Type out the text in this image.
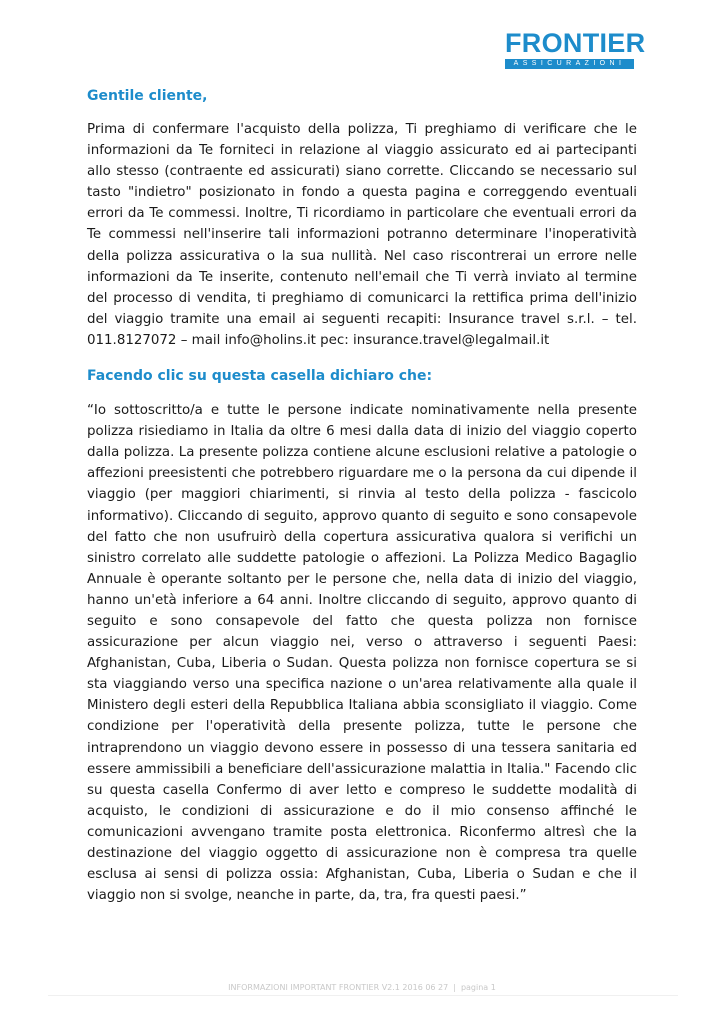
FRONTIER
ASSICURAZIONI

Gentile cliente,

Prima di confermare l'acquisto della polizza, Ti preghiamo di verificare che le informazioni da Te forniteci in relazione al viaggio assicurato ed ai partecipanti allo stesso (contraente ed assicurati) siano corrette. Cliccando se necessario sul tasto "indietro" posizionato in fondo a questa pagina e correggendo eventuali errori da Te commessi. Inoltre, Ti ricordiamo in particolare che eventuali errori da Te commessi nell'inserire tali informazioni potranno determinare l'inoperatività della polizza assicurativa o la sua nullità. Nel caso riscontrerai un errore nelle informazioni da Te inserite, contenuto nell'email che Ti verrà inviato al termine del processo di vendita, ti preghiamo di comunicarci la rettifica prima dell'inizio del viaggio tramite una email ai seguenti recapiti: Insurance travel s.r.l. – tel. 011.8127072 – mail info@holins.it pec: insurance.travel@legalmail.it

Facendo clic su questa casella dichiaro che:

“Io sottoscritto/a e tutte le persone indicate nominativamente nella presente polizza risiediamo in Italia da oltre 6 mesi dalla data di inizio del viaggio coperto dalla polizza. La presente polizza contiene alcune esclusioni relative a patologie o affezioni preesistenti che potrebbero riguardare me o la persona da cui dipende il viaggio (per maggiori chiarimenti, si rinvia al testo della polizza - fascicolo informativo). Cliccando di seguito, approvo quanto di seguito e sono consapevole del fatto che non usufruirò della copertura assicurativa qualora si verifichi un sinistro correlato alle suddette patologie o affezioni. La Polizza Medico Bagaglio Annuale è operante soltanto per le persone che, nella data di inizio del viaggio, hanno un'età inferiore a 64 anni. Inoltre cliccando di seguito, approvo quanto di seguito e sono consapevole del fatto che questa polizza non fornisce assicurazione per alcun viaggio nei, verso o attraverso i seguenti Paesi: Afghanistan, Cuba, Liberia o Sudan. Questa polizza non fornisce copertura se si sta viaggiando verso una specifica nazione o un'area relativamente alla quale il Ministero degli esteri della Repubblica Italiana abbia sconsigliato il viaggio. Come condizione per l'operatività della presente polizza, tutte le persone che intraprendono un viaggio devono essere in possesso di una tessera sanitaria ed essere ammissibili a beneficiare dell'assicurazione malattia in Italia." Facendo clic su questa casella Confermo di aver letto e compreso le suddette modalità di acquisto, le condizioni di assicurazione e do il mio consenso affinché le comunicazioni avvengano tramite posta elettronica. Riconfermo altresì che la destinazione del viaggio oggetto di assicurazione non è compresa tra quelle esclusa ai sensi di polizza ossia: Afghanistan, Cuba, Liberia o Sudan e che il viaggio non si svolge, neanche in parte, da, tra, fra questi paesi.”

INFORMAZIONI IMPORTANT FRONTIER V2.1 2016 06 27 | pagina 1
